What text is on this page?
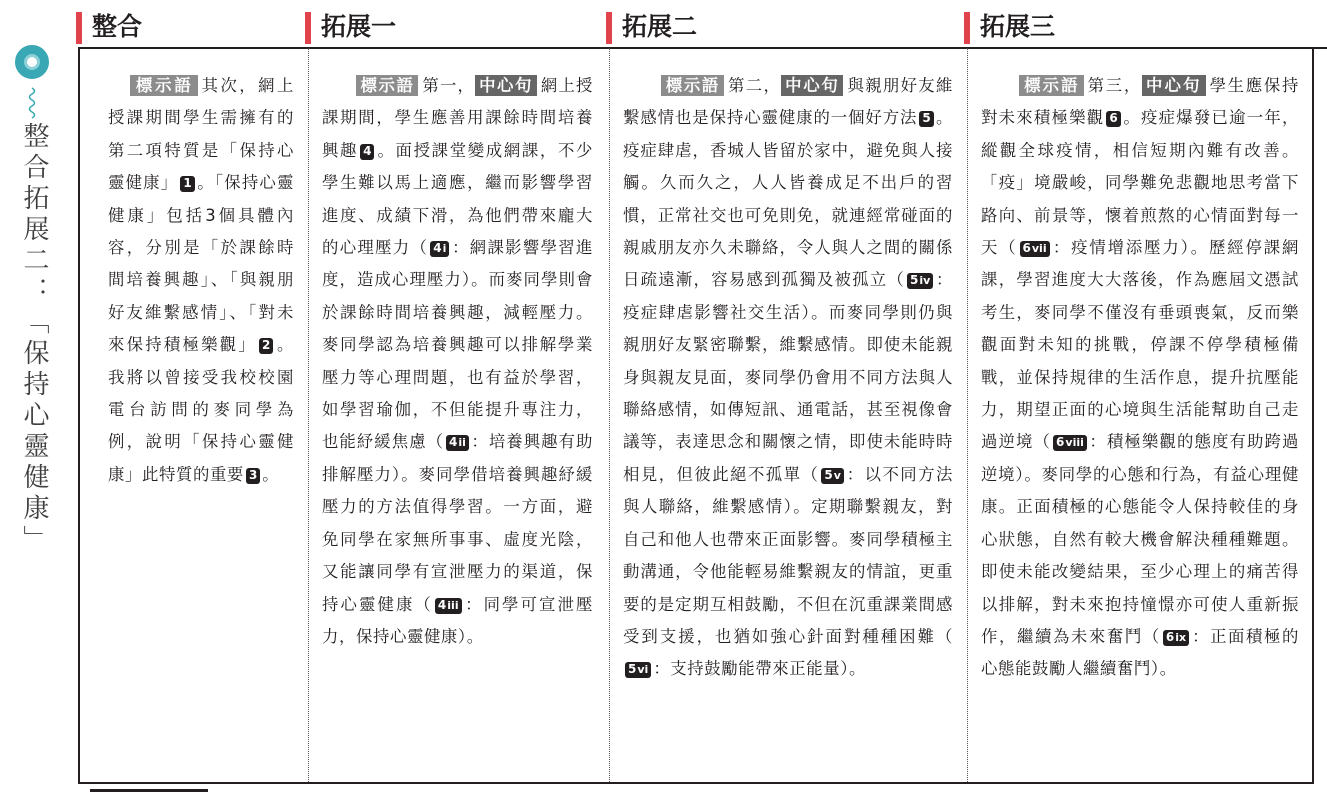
整合拓展二：「保持心靈健康」
整合	拓展一	拓展二	拓展三
標示語 其次，網上授課期間學生需擁有的第二項特質是「保持心靈健康」 1 。「保持心靈健康」包括3個具體內容，分別是「於課餘時間培養興趣」、「與親朋好友維繫感情」、「對未來保持積極樂觀」 2 。我將以曾接受我校校園電台訪問的麥同學為例，說明「保持心靈健康」此特質的重要 3 。
標示語 第一， 中心句 網上授課期間，學生應善用課餘時間培養興趣 4 。面授課堂變成網課，不少學生難以馬上適應，繼而影響學習進度、成績下滑，為他們帶來龐大的心理壓力（ 4i ：網課影響學習進度，造成心理壓力）。而麥同學則會於課餘時間培養興趣，減輕壓力。麥同學認為培養興趣可以排解學業壓力等心理問題，也有益於學習，如學習瑜伽，不但能提升專注力，也能紓緩焦慮（ 4ii ：培養興趣有助排解壓力）。麥同學借培養興趣紓緩壓力的方法值得學習。一方面，避免同學在家無所事事、虛度光陰，又能讓同學有宣泄壓力的渠道，保持心靈健康（ 4iii ：同學可宣泄壓力，保持心靈健康）。
標示語 第二， 中心句 與親朋好友維繫感情也是保持心靈健康的一個好方法 5 。疫症肆虐，香城人皆留於家中，避免與人接觸。久而久之，人人皆養成足不出戶的習慣，正常社交也可免則免，就連經常碰面的親戚朋友亦久未聯絡，令人與人之間的關係日疏遠漸，容易感到孤獨及被孤立（ 5iv ：疫症肆虐影響社交生活）。而麥同學則仍與親朋好友緊密聯繫，維繫感情。即使未能親身與親友見面，麥同學仍會用不同方法與人聯絡感情，如傳短訊、通電話，甚至視像會議等，表達思念和關懷之情，即使未能時時相見，但彼此絕不孤單（ 5v ：以不同方法與人聯絡，維繫感情）。定期聯繫親友，對自己和他人也帶來正面影響。麥同學積極主動溝通，令他能輕易維繫親友的情誼，更重要的是定期互相鼓勵，不但在沉重課業間感受到支援，也猶如強心針面對種種困難（5vi ：支持鼓勵能帶來正能量）。
標示語 第三， 中心句 學生應保持對未來積極樂觀 6 。疫症爆發已逾一年，縱觀全球疫情，相信短期內難有改善。「疫」境嚴峻，同學難免悲觀地思考當下路向、前景等，懷着煎熬的心情面對每一天（ 6vii ：疫情增添壓力）。歷經停課網課，學習進度大大落後，作為應屆文憑試考生，麥同學不僅沒有垂頭喪氣，反而樂觀面對未知的挑戰，停課不停學積極備戰，並保持規律的生活作息，提升抗壓能力，期望正面的心境與生活能幫助自己走過逆境（ 6viii ：積極樂觀的態度有助跨過逆境）。麥同學的心態和行為，有益心理健康。正面積極的心態能令人保持較佳的身心狀態，自然有較大機會解決種種難題。即使未能改變結果，至少心理上的痛苦得以排解，對未來抱持憧憬亦可使人重新振作，繼續為未來奮鬥（ 6ix ：正面積極的心態能鼓勵人繼續奮鬥）。
